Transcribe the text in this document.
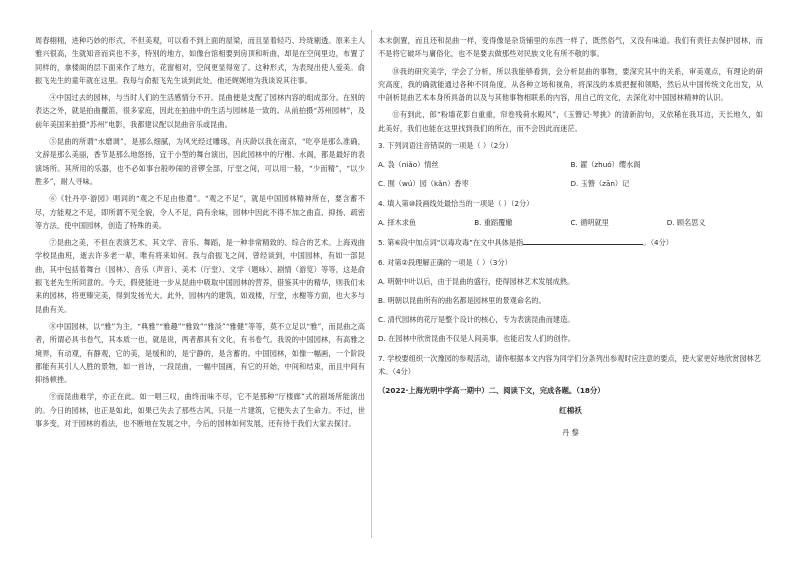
周春栩栩，进种巧妙的形式，不但美观，可以看不到上面的屋梁，而且显着轻巧、玲珑剔透。原来主人雅兴很高，生就知音而宾也不多，特别的地方，如像台馆相要到房顶和听曲，却是在空间里边，布置了同样的，拿楼阁的层下面来作了地方，花窗相对，空间更显得宽了。这种形式，为表现出使人爱美。俞振飞先生的童年就在这里。我每与俞振飞先生谈到此处，他还娓娓地为我谈说其往事。

④中国过去的园林，与当时人们的生活感情分不开。昆曲便是支配了园林内容的组成部分。在别的表达之外，就是拍曲擫笛，很多家庭，因此在拍曲中的生活与园林是一致的。从前拍摄“苏州园林”，及前年美国来拍摄“苏州”电影，我都建议配以昆曲音乐或昆曲。

⑤昆曲的所谓“水磨调”，是那么细腻，为风光经过雕琢，肖庆龄以我在南京，“吃亭是那么准确，文辞是那么美丽，香节是那么地悠扬，宜于小型的舞台演出，因此园林中的厅榭、水阁，都是最好的表演场所。其所用的乐器，也不必如事台般吵闹的音锣全部，厅堂之间，可以用一般，“少而精”，“以少胜多”，耐人寻味。

⑥《牡丹亭·游园》唱词的“观之不足由他遣”。“观之不足”，就是中国园林精神所在，要含蓄不尽，方能观之不足，即所谓不见全貌，令人不足，尚有余味，园林中因此不得不加之曲直、抑扬、疏密等方法，使中国园林，创造了特殊的美。

⑦昆曲之美，不但在表演艺术，其文学、音乐、舞蹈，是一种非常精致的、综合的艺术。上海戏曲学校昆曲班，逝去许多老一辈，唯有将来如何。我与俞振飞之间，曾经谈到，中国园林，有如一部昆曲，其中包括着舞台（园林）、音乐（声音）、美术（厅堂）、文学（题咏）、剧情（游览）等等，这是俞振飞老先生所同意的。今天，假使能进一步从昆曲中吸取中国园林的营养，借鉴其中的精华，则我们未来的园林，将更臻完美，得到发扬光大。此外，园林内的建筑，如戏楼，厅堂，水榭等方面，也大多与昆曲有关。

⑧中国园林，以“雅”为主，“典雅”“雅趣”“雅致”“雅淡”“雅健”等等，莫不立足以“雅”，而昆曲之高者，所谓必具书卷气，其本质一也，就是说，两者都具有文化，有书卷气。我说的中国园林，有高雅之境界，有动观，有静观，它的美，是缓和的，是宁静的，是含蓄的。中国园林，如像一幅画，一个阶段都能有其引人入胜的景物，如一首诗，一段昆曲，一幅中国画，有它的开始，中间和结束，而且中间有抑扬顿挫。

⑨而昆曲难学，亦正在此。如一唱三叹，曲终而味不尽，它不是那种“厅楼廊”式的剧场所能演出的。今日的园林，也正是如此，如果已失去了那些古风，只是一片建筑，它便失去了生命力。不过，世事多变，对于园林的看法，也不断地在发展之中，今后的园林如何发展，还有待于我们大家去探讨。

本末倒置，而且还和昆曲一样，变得像是杂货铺里的东西一样了，既然俗气，又没有味道。我们有责任去保护园林，而不是将它破坏与庸俗化，也不是要去做那些对民族文化有所不敬的事。

⑩我的研究美学，学会了分析，所以我能够看到，会分析昆曲的事物，要深究其中的关系，审美观点，有理论的研究高度，我的确就能通过各种不同角度，从各种立场和视角，将深浅的本质把握和领略，然后从中国传统文化出发，从中剖析昆曲艺术本身所具备的以及与其他事物相联系的内容，用自己的文化，去深化对中国园林精神的认识。

⑪有到此，郎“粉墙花影自重重，帘卷残荷水殿风”，《玉簪记·琴挑》的清新韵句，又依稀在我耳边，天长地久，如此美好，我们也能在这里找到我们的所在，而不会因此而迷茫。

3. 下列词语注音错误的一项是（ ）（2分）
A. 袅（niǎo）情丝	B. 濯（zhuó）缨水阁
C. 囿（wú）园（kǎn）香枣	D. 玉簪（zān）记
4. 填入第⑩段画线处最恰当的一项是（ ）（2分）
A. 择木求鱼	B. 重蹈覆辙	C. 循明就里	D. 顾名思义
5. 第⑥段中加点词“以毒攻毒”在文中具体是指	。（4分）
6. 对第②段理解正确的一项是（ ）（3分）
A. 明朝中叶以后，由于昆曲的盛行，使得园林艺术发展成熟。
B. 明朝以昆曲所有的曲名都是园林里的景观命名的。
C. 清代园林的花厅是整个设计的核心，专为表演昆曲而建造。
D. 在园林中欣赏昆曲不仅是人间美事，也能启发人们的创作。
7. 学校要组织一次豫园的参观活动，请你根据本文内容为同学们分条列出参观时应注意的要点，使大家更好地欣赏园林艺术。（4分）
（2022·上海光明中学高一期中）二、阅读下文，完成各题。（18分）
红棉袄
丹 黎
